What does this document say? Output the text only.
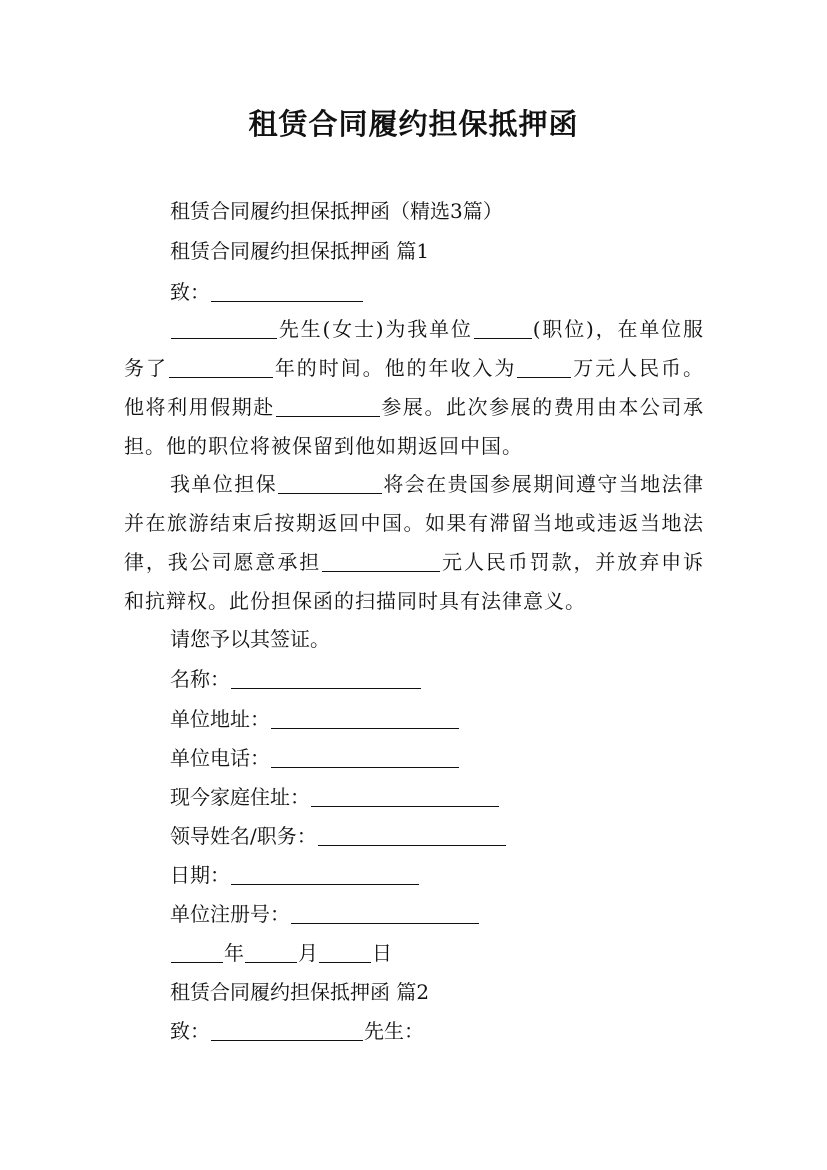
租赁合同履约担保抵押函
租赁合同履约担保抵押函（精选3篇）
租赁合同履约担保抵押函 篇1
致：
先生(女士)为我单位	(职位)，在单位服务了	年的时间。他的年收入为	万元人民币。他将利用假期赴	参展。此次参展的费用由本公司承担。他的职位将被保留到他如期返回中国。
我单位担保	将会在贵国参展期间遵守当地法律并在旅游结束后按期返回中国。如果有滞留当地或违返当地法律，我公司愿意承担	元人民币罚款，并放弃申诉和抗辩权。此份担保函的扫描同时具有法律意义。
请您予以其签证。
名称：
单位地址：
单位电话：
现今家庭住址：
领导姓名/职务：
日期：
单位注册号：
年	月	日
租赁合同履约担保抵押函 篇2
致：	先生：
